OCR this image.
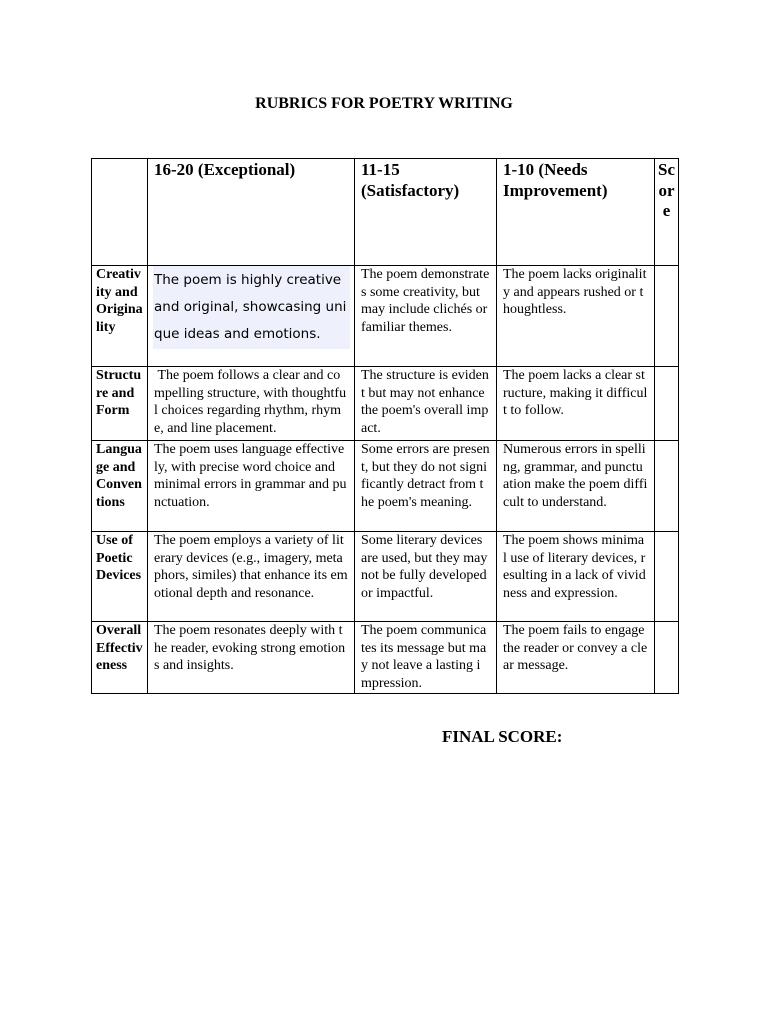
RUBRICS FOR POETRY WRITING
	16-20 (Exceptional)	11-15 (Satisfactory)	1-10 (Needs Improvement)	Score
Creativity and Originality	The poem is highly creative and original, showcasing unique ideas and emotions.	The poem demonstrates some creativity, but may include clichés or familiar themes.	The poem lacks originality and appears rushed or thoughtless.	
Structure and Form	The poem follows a clear and compelling structure, with thoughtful choices regarding rhythm, rhyme, and line placement.	The structure is evident but may not enhance the poem's overall impact.	The poem lacks a clear structure, making it difficult to follow.	
Language and Conventions	The poem uses language effectively, with precise word choice and minimal errors in grammar and punctuation.	Some errors are present, but they do not significantly detract from the poem's meaning.	Numerous errors in spelling, grammar, and punctuation make the poem difficult to understand.	
Use of Poetic Devices	The poem employs a variety of literary devices (e.g., imagery, metaphors, similes) that enhance its emotional depth and resonance.	Some literary devices are used, but they may not be fully developed or impactful.	The poem shows minimal use of literary devices, resulting in a lack of vividness and expression.	
Overall Effectiveness	The poem resonates deeply with the reader, evoking strong emotions and insights.	The poem communicates its message but may not leave a lasting impression.	The poem fails to engage the reader or convey a clear message.	
FINAL SCORE:
